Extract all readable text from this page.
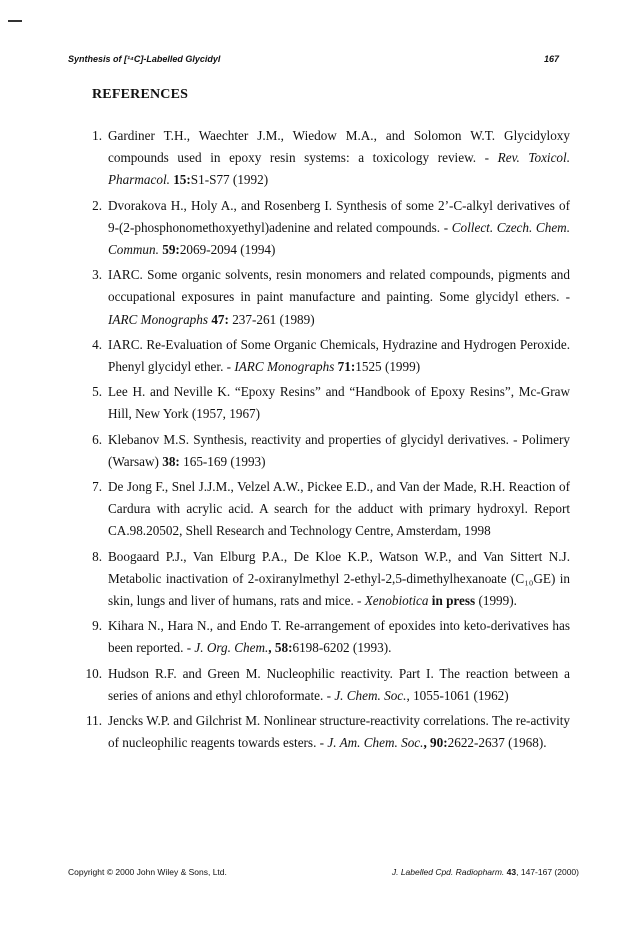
Synthesis of [¹⁴C]-Labelled Glycidyl	167
REFERENCES
1. Gardiner T.H., Waechter J.M., Wiedow M.A., and Solomon W.T. Glycidyloxy compounds used in epoxy resin systems: a toxicology review. - Rev. Toxicol. Pharmacol. 15:S1-S77 (1992)
2. Dvorakova H., Holy A., and Rosenberg I. Synthesis of some 2’-C-alkyl derivatives of 9-(2-phosphonomethoxyethyl)adenine and related compounds. - Collect. Czech. Chem. Commun. 59:2069-2094 (1994)
3. IARC. Some organic solvents, resin monomers and related compounds, pigments and occupational exposures in paint manufacture and painting. Some glycidyl ethers. - IARC Monographs 47: 237-261 (1989)
4. IARC. Re-Evaluation of Some Organic Chemicals, Hydrazine and Hydrogen Peroxide. Phenyl glycidyl ether. - IARC Monographs 71:1525 (1999)
5. Lee H. and Neville K. “Epoxy Resins” and “Handbook of Epoxy Resins”, Mc-Graw Hill, New York (1957, 1967)
6. Klebanov M.S. Synthesis, reactivity and properties of glycidyl derivatives. - Polimery (Warsaw) 38: 165-169 (1993)
7. De Jong F., Snel J.J.M., Velzel A.W., Pickee E.D., and Van der Made, R.H. Reaction of Cardura with acrylic acid. A search for the adduct with primary hydroxyl. Report CA.98.20502, Shell Research and Technology Centre, Amsterdam, 1998
8. Boogaard P.J., Van Elburg P.A., De Kloe K.P., Watson W.P., and Van Sittert N.J. Metabolic inactivation of 2-oxiranylmethyl 2-ethyl-2,5-dimethylhexanoate (C₁₀GE) in skin, lungs and liver of humans, rats and mice. - Xenobiotica in press (1999).
9. Kihara N., Hara N., and Endo T. Re-arrangement of epoxides into keto-derivatives has been reported. - J. Org. Chem., 58:6198-6202 (1993).
10. Hudson R.F. and Green M. Nucleophilic reactivity. Part I. The reaction between a series of anions and ethyl chloroformate. - J. Chem. Soc., 1055-1061 (1962)
11. Jencks W.P. and Gilchrist M. Nonlinear structure-reactivity correlations. The re-activity of nucleophilic reagents towards esters. - J. Am. Chem. Soc., 90:2622-2637 (1968).
Copyright © 2000 John Wiley & Sons, Ltd.	J. Labelled Cpd. Radiopharm. 43, 147-167 (2000)
